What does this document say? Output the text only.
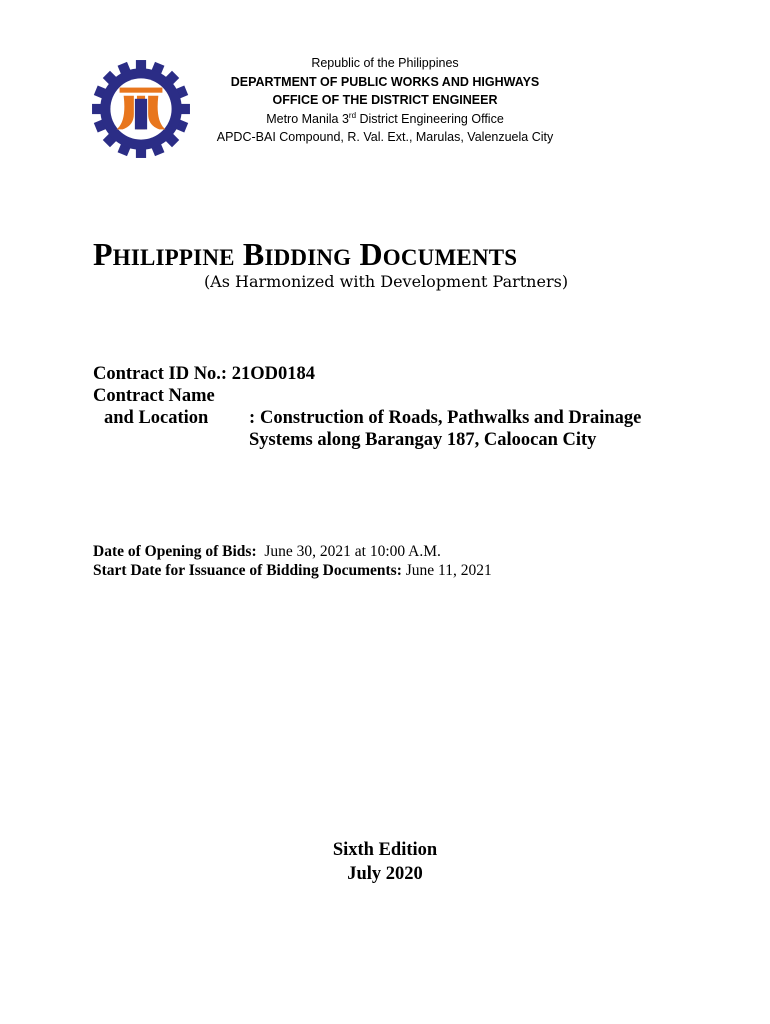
Republic of the Philippines
DEPARTMENT OF PUBLIC WORKS AND HIGHWAYS
OFFICE OF THE DISTRICT ENGINEER
Metro Manila 3rd District Engineering Office
APDC-BAI Compound, R. Val. Ext., Marulas, Valenzuela City
PHILIPPINE BIDDING DOCUMENTS
(As Harmonized with Development Partners)
Contract ID No.:
21OD0184
Contract Name
and Location	: Construction of Roads, Pathwalks and Drainage
Systems along Barangay 187, Caloocan City
Date of Opening of Bids: June 30, 2021 at 10:00 A.M.
Start Date for Issuance of Bidding Documents: June 11, 2021
Sixth Edition
July 2020
